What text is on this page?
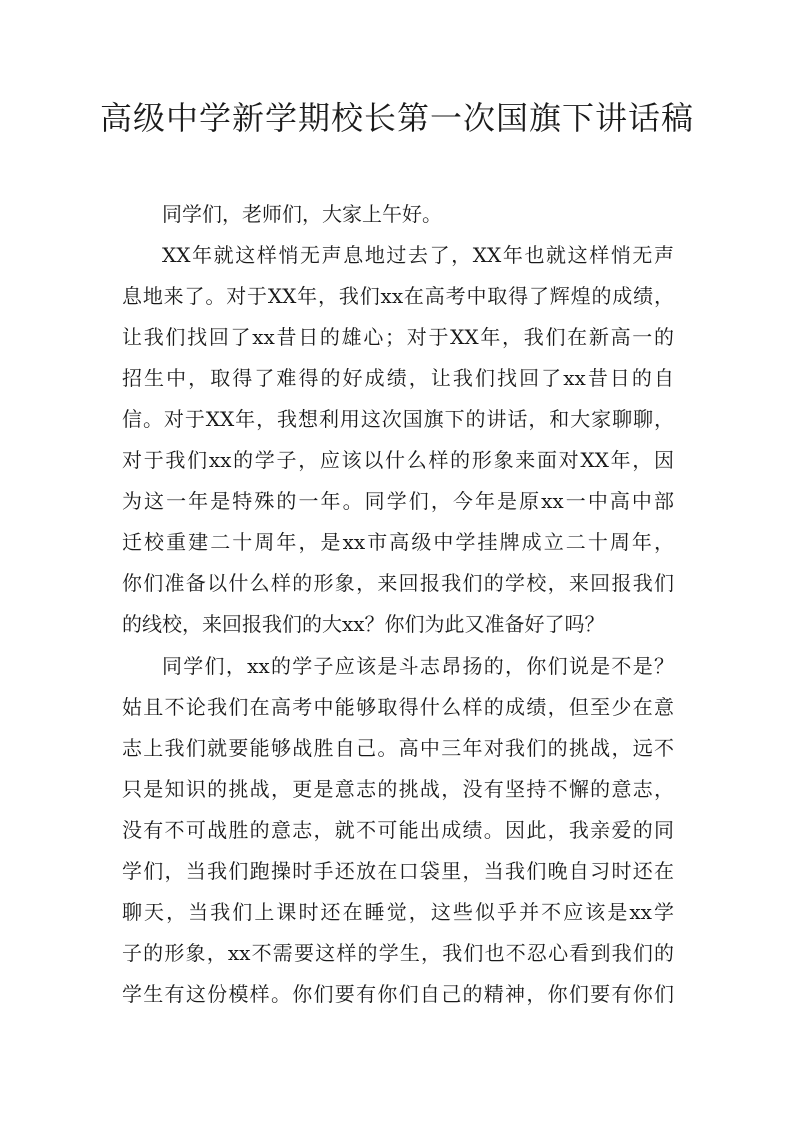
高级中学新学期校长第一次国旗下讲话稿
同学们，老师们，大家上午好。
XX年就这样悄无声息地过去了，XX年也就这样悄无声
息地来了。对于XX年，我们xx在高考中取得了辉煌的成绩，
让我们找回了xx昔日的雄心；对于XX年，我们在新高一的
招生中，取得了难得的好成绩，让我们找回了xx昔日的自
信。对于XX年，我想利用这次国旗下的讲话，和大家聊聊，
对于我们xx的学子，应该以什么样的形象来面对XX年，因
为这一年是特殊的一年。同学们，今年是原xx一中高中部
迁校重建二十周年，是xx市高级中学挂牌成立二十周年，
你们准备以什么样的形象，来回报我们的学校，来回报我们
的线校，来回报我们的大xx？你们为此又准备好了吗？
同学们，xx的学子应该是斗志昂扬的，你们说是不是？
姑且不论我们在高考中能够取得什么样的成绩，但至少在意
志上我们就要能够战胜自己。高中三年对我们的挑战，远不
只是知识的挑战，更是意志的挑战，没有坚持不懈的意志，
没有不可战胜的意志，就不可能出成绩。因此，我亲爱的同
学们，当我们跑操时手还放在口袋里，当我们晚自习时还在
聊天，当我们上课时还在睡觉，这些似乎并不应该是xx学
子的形象，xx不需要这样的学生，我们也不忍心看到我们的
学生有这份模样。你们要有你们自己的精神，你们要有你们
